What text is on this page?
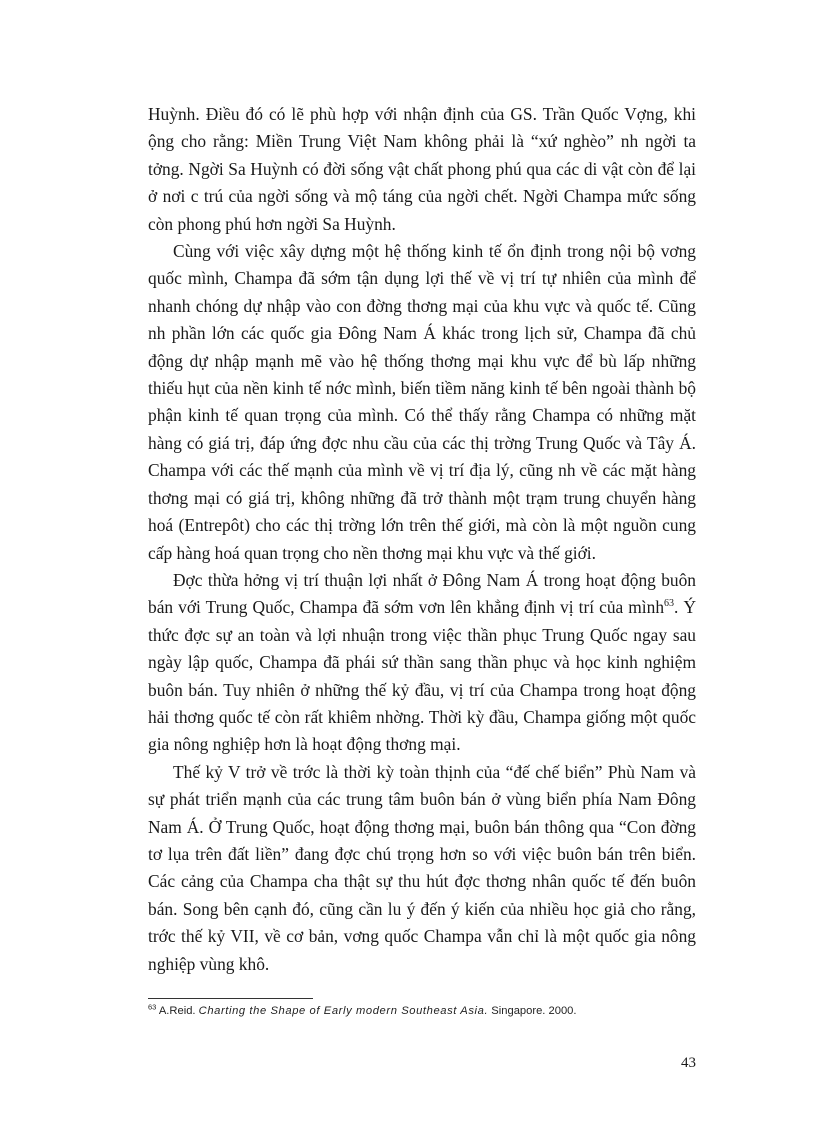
Huỳnh. Điều đó có lẽ phù hợp với nhận định của GS. Trần Quốc Vợng, khi ộng cho rằng: Miền Trung Việt Nam không phải là “xứ nghèo” nh ngời ta tởng. Ngời Sa Huỳnh có đời sống vật chất phong phú qua các di vật còn để lại ở nơi c trú của ngời sống và mộ táng của ngời chết. Ngời Champa mức sống còn phong phú hơn ngời Sa Huỳnh.

Cùng với việc xây dựng một hệ thống kinh tế ổn định trong nội bộ vơng quốc mình, Champa đã sớm tận dụng lợi thế về vị trí tự nhiên của mình để nhanh chóng dự nhập vào con đờng thơng mại của khu vực và quốc tế. Cũng nh phần lớn các quốc gia Đông Nam Á khác trong lịch sử, Champa đã chủ động dự nhập mạnh mẽ vào hệ thống thơng mại khu vực để bù lấp những thiếu hụt của nền kinh tế nớc mình, biến tiềm năng kinh tế bên ngoài thành bộ phận kinh tế quan trọng của mình. Có thể thấy rằng Champa có những mặt hàng có giá trị, đáp ứng đợc nhu cầu của các thị trờng Trung Quốc và Tây Á. Champa với các thế mạnh của mình về vị trí địa lý, cũng nh về các mặt hàng thơng mại có giá trị, không những đã trở thành một trạm trung chuyển hàng hoá (Entrepôt) cho các thị trờng lớn trên thế giới, mà còn là một nguồn cung cấp hàng hoá quan trọng cho nền thơng mại khu vực và thế giới.

Đợc thừa hởng vị trí thuận lợi nhất ở Đông Nam Á trong hoạt động buôn bán với Trung Quốc, Champa đã sớm vơn lên khẳng định vị trí của mình$^{63}$. Ý thức đợc sự an toàn và lợi nhuận trong việc thần phục Trung Quốc ngay sau ngày lập quốc, Champa đã phái sứ thần sang thần phục và học kinh nghiệm buôn bán. Tuy nhiên ở những thế kỷ đầu, vị trí của Champa trong hoạt động hải thơng quốc tế còn rất khiêm nhờng. Thời kỳ đầu, Champa giống một quốc gia nông nghiệp hơn là hoạt động thơng mại.

Thế kỷ V trở về trớc là thời kỳ toàn thịnh của “đế chế biển” Phù Nam và sự phát triển mạnh của các trung tâm buôn bán ở vùng biển phía Nam Đông Nam Á. Ở Trung Quốc, hoạt động thơng mại, buôn bán thông qua “Con đờng tơ lụa trên đất liền” đang đợc chú trọng hơn so với việc buôn bán trên biển. Các cảng của Champa cha thật sự thu hút đợc thơng nhân quốc tế đến buôn bán. Song bên cạnh đó, cũng cần lu ý đến ý kiến của nhiều học giả cho rằng, trớc thế kỷ VII, về cơ bản, vơng quốc Champa vẫn chỉ là một quốc gia nông nghiệp vùng khô.

$^{63}$ A.Reid. Charting the Shape of Early modern Southeast Asia. Singapore. 2000.
43
